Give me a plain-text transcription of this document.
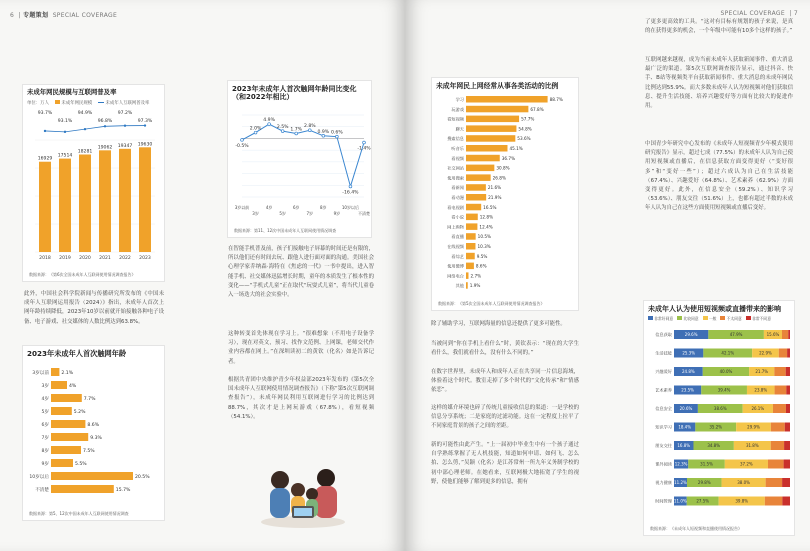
6  | 专题策划 SPECIAL COVERAGE
未成年网民规模与互联网普及率
单位：万人	未成年网民规模	未成年人互联网普及率
16929
2018
93.7%
17514
2019
93.1%
18281
2020
94.9%
19062
2021
96.8%
19347
2022
97.2%
19630
2023
97.3%
数据来源：《第6次全国未成年人互联网使用情况调查报告》
2023年未成年人首次触网年龄
3岁以前	2.1%
3岁	4%
4岁	7.7%
5岁	5.2%
6岁	8.6%
7岁	9.3%
8岁	7.5%
9岁	5.5%
10岁以后	20.5%
不清楚	15.7%
数据来源：第5、12次中国未成年人互联网使用情况调查
此外，中国社会科学院新闻与传播研究所发布的《中国未成年人互联网运用报告（2024）》指出，未成年人首次上网年龄持续降低，2023年10岁以前就开始接触各种电子设备、电子游戏、社交媒体的人数比例达到63.8%。
2023年未成年人首次触网年龄同比变化（和2022年相比）
-0.5%
3岁以前
2.0%
3岁
4.9%
4岁
2.5%
5岁
1.7%
6岁
2.8%
7岁
0.9%
8岁
0.6%
9岁
-16.4%
10岁以后
-1.4%
不清楚
数据来源：第11、12次中国未成年人互联网使用情况调查
在智能手机普及前，孩子们接触电子屏幕的时间还是有限的，所以他们还有时间去玩、跟他人进行面对面的沟通。美国社会心理学家乔纳森·海特在《焦虑的一代》一书中提出，进入智能手机、社交媒体迅猛增长时期，童年的本质发生了根本性的变化——“手机式儿童”正在取代“玩耍式儿童”，将当代儿童卷入一场迭大的社会实验中。
这种转变首先体现在学习上。“很难想象（不用电子设备学习），现在对英文，预习、找作文范例、上网课，老师交代作业内容都在网上。”在深圳读初二的黄钦（化名）如是告诉记者。
根据共青团中央维护青少年权益部2023年发布的《第5次全国未成年人互联网使用情况调查报告》（下称“第5次互联网调查报告”），未成年网民利用互联网进行学习的比例达到88.7%，其次才是上网玩游戏（67.8%），看短视频（54.1%）。
SPECIAL COVERAGE  | 7
未成年网民上网经常从事各类活动的比例
学习	88.7%
玩游戏	67.8%
看短视频	57.7%
聊天	54.8%
搜索信息	53.6%
听音乐	45.1%
看视频	36.7%
社交网站	30.8%
使用搜索	26.8%
看新闻	21.6%
看动漫	21.9%
看电视剧	16.5%
看小说	12.8%
网上购物	12.4%
看直播	10.5%
在线视频	10.3%
看综艺	9.5%
使用微博	8.6%
网络电台 2.7%
其他 1.9%
数据来源：《第5次全国未成年人互联网使用情况调查报告》
除了辅助学习，互联网海量的信息还提供了更多可能性。
当被问到“你在手机上看什么”时，黄钦表示：“现在的大学生看什么，我们就看什么，没有什么不同的。”
在数字世界里，未成年人和成年人正在共享同一片信息海域，体验着这个时代。教室走掉了多个时代的“文化传承”和“情感依恋”。
这样的媒介环境也碎了传统儿童接收信息的渠道：一是学校的信息分享系统；二是家庭的过滤功能。这在一定程度上拉平了不同家庭背景的孩子之间的差距。
新的可能性由此产生。“上一届初中毕业生中有一个孩子通过自学熟练掌握了无人机技能，知道如何申请、如何飞、怎么拍、怎么剪，”吴颖（化名）是江苏常州一所九年义务制学校的初中部心理老师。在她看来，互联网极大地拓宽了学生的视野，使他们能够了解到更多的信息，拥有
了更多更高效的工具。“这对有目标有规划的孩子来说，是真的在获得更多的机会，一个年级中可能有10多个这样的孩子。”
互联网越来越视，成为当前未成年人获取新闻事件、重大消息最广泛的渠道。第5次互联网调查报告显示，通过抖音、快手、B站等视频类平台获取新闻事件、重大消息的未成年网民比例达到55.9%。而大多数未成年人认为短视频对他们获取信息、提升生活技能、培养兴趣爱好等方面有比较大的促进作用。
中国青少年研究中心发布的《未成年人短视频青少年模式使用研究报告》显示，超过七成（77.5%）的未成年人认为自己使用短视频或直播后，在信息获取方面变得更好（“变好很多”和“变好一些”）；超过六成认为自己在生活技能（67.4%）、兴趣爱好（64.8%）、艺术素养（62.9%）方面变得更好。此外，在信息安全（59.2%）、知识学习（53.6%）、朋友交往（51.6%）上，也都有超过半数的未成年人认为自己在这些方面使用短视频或直播后变好。
未成年人认为使用短视频或直播带来的影响
非常好同意	比较同意	一般	不太同意	非常不同意
信息获取	29.6%	47.9%	15.6%
生活技能	25.3%	42.1%	22.9%
兴趣爱好	24.8%	40.0%	21.7%
艺术素养 23.5%	39.4%	23.8%
信息安全 20.6%	38.6%	26.1%
知识学习 18.4%	35.2%	29.9%
朋友交往 16.8%	34.8%	31.8%
课外阅读 12.3%	31.5%	37.2%
视力健康 11.2%	29.8%	38.0%
时间管理 11.0% 27.5%	39.8%
数据来源：《未成年人短视频和直播使用情况报告》
